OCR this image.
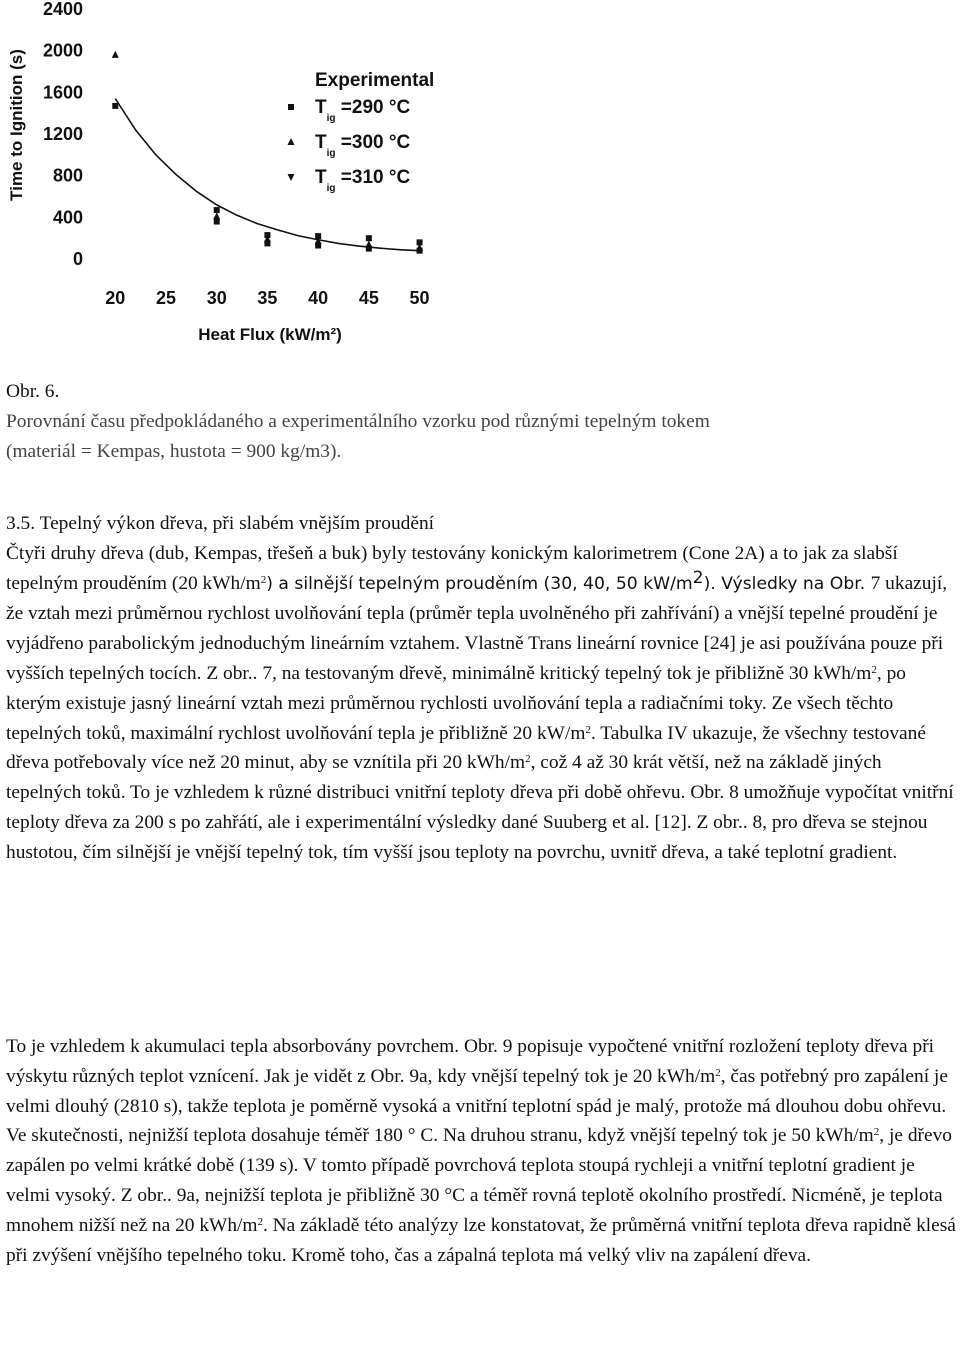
0
400
800
1200
1600
2000
2400
20 25 30 35 40 45 50
Time to Ignition (s)
Heat Flux (kW/m²)
Experimental
$T_{ig} =290$ °C
$T_{ig} =300$ °C
$T_{ig} =310$ °C
Obr. 6.
Porovnání času předpokládaného a experimentálního vzorku pod různými tepelným tokem
(materiál = Kempas, hustota = 900 kg/m3).

3.5. Tepelný výkon dřeva, při slabém vnějším proudění

Čtyři druhy dřeva (dub, Kempas, třešeň a buk) byly testovány konickým kalorimetrem (Cone 2A) a to jak za slabší tepelným prouděním (20 kWh/$m^2$) a silnější tepelným prouděním (30, 40, 50 $kW/m^2$). Výsledky na Obr. 7 ukazují, že vztah mezi průměrnou rychlost uvolňování tepla (průměr tepla uvolněného při zahřívání) a vnější tepelné proudění je vyjádřeno parabolickým jednoduchým lineárním vztahem. Vlastně Trans lineární rovnice [24] je asi používána pouze při vyšších tepelných tocích. Z obr.. 7, na testovaným dřevě, minimálně kritický tepelný tok je přibližně 30 kWh/$m^2$, po kterým existuje jasný lineární vztah mezi průměrnou rychlosti uvolňování tepla a radiačními toky. Ze všech těchto tepelných toků, maximální rychlost uvolňování tepla je přibližně 20 $kW/m^2$. Tabulka IV ukazuje, že všechny testované dřeva potřebovaly více než 20 minut, aby se vznítila při 20 kWh/$m^2$, což 4 až 30 krát větší, než na základě jiných tepelných toků. To je vzhledem k různé distribuci vnitřní teploty dřeva při době ohřevu. Obr. 8 umožňuje vypočítat vnitřní teploty dřeva za 200 s po zahřátí, ale i experimentální výsledky dané Suuberg et al. [12]. Z obr.. 8, pro dřeva se stejnou hustotou, čím silnější je vnější tepelný tok, tím vyšší jsou teploty na povrchu, uvnitř dřeva, a také teplotní gradient.

To je vzhledem k akumulaci tepla absorbovány povrchem. Obr. 9 popisuje vypočtené vnitřní rozložení teploty dřeva při výskytu různých teplot vznícení. Jak je vidět z Obr. 9a, kdy vnější tepelný tok je 20 kWh/$m^2$, čas potřebný pro zapálení je velmi dlouhý (2810 s), takže teplota je poměrně vysoká a vnitřní teplotní spád je malý, protože má dlouhou dobu ohřevu. Ve skutečnosti, nejnižší teplota dosahuje téměř 180 ° C. Na druhou stranu, když vnější tepelný tok je 50 kWh/$m^2$, je dřevo zapálen po velmi krátké době (139 s). V tomto případě povrchová teplota stoupá rychleji a vnitřní teplotní gradient je velmi vysoký. Z obr.. 9a, nejnižší teplota je přibližně 30 °C a téměř rovná teplotě okolního prostředí. Nicméně, je teplota mnohem nižší než na 20 kWh/$m^2$. Na základě této analýzy lze konstatovat, že průměrná vnitřní teplota dřeva rapidně klesá při zvýšení vnějšího tepelného toku. Kromě toho, čas a zápalná teplota má velký vliv na zapálení dřeva.
